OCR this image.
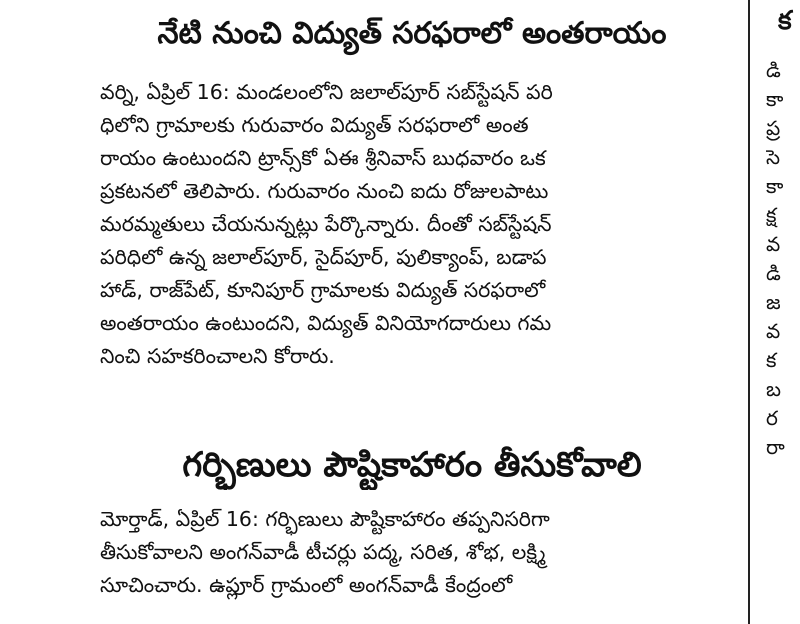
నేటి నుంచి విద్యుత్ సరఫరాలో అంతరాయం
వర్ని, ఏప్రిల్ 16: మండలంలోని జలాల్‌పూర్ సబ్‌స్టేషన్ పరి
ధిలోని గ్రామాలకు గురువారం విద్యుత్ సరఫరాలో అంత
రాయం ఉంటుందని ట్రాన్స్‌కో ఏఈ శ్రీనివాస్ బుధవారం ఒక
ప్రకటనలో తెలిపారు. గురువారం నుంచి ఐదు రోజులపాటు
మరమ్మతులు చేయనున్నట్లు పేర్కొన్నారు. దీంతో సబ్‌స్టేషన్
పరిధిలో ఉన్న జలాల్‌పూర్, సైద్‌పూర్, పులిక్యాంప్, బడాప
హాడ్, రాజ్‌పేట్, కూనిపూర్ గ్రామాలకు విద్యుత్ సరఫరాలో
అంతరాయం ఉంటుందని, విద్యుత్ వినియోగదారులు గమ
నించి సహకరించాలని కోరారు.
గర్భిణులు పౌష్టికాహారం తీసుకోవాలి
మోర్తాడ్, ఏప్రిల్ 16: గర్భిణులు పౌష్టికాహారం తప్పనిసరిగా
తీసుకోవాలని అంగన్‌వాడీ టీచర్లు పద్మ, సరిత, శోభ, లక్ష్మి
సూచించారు. ఉప్లూర్ గ్రామంలో అంగన్‌వాడీ కేంద్రంలో
క
డి
కా
ప్ర
సె
కా
క్ష
వ
డి
జ
వ
క
బ
ర
రా
